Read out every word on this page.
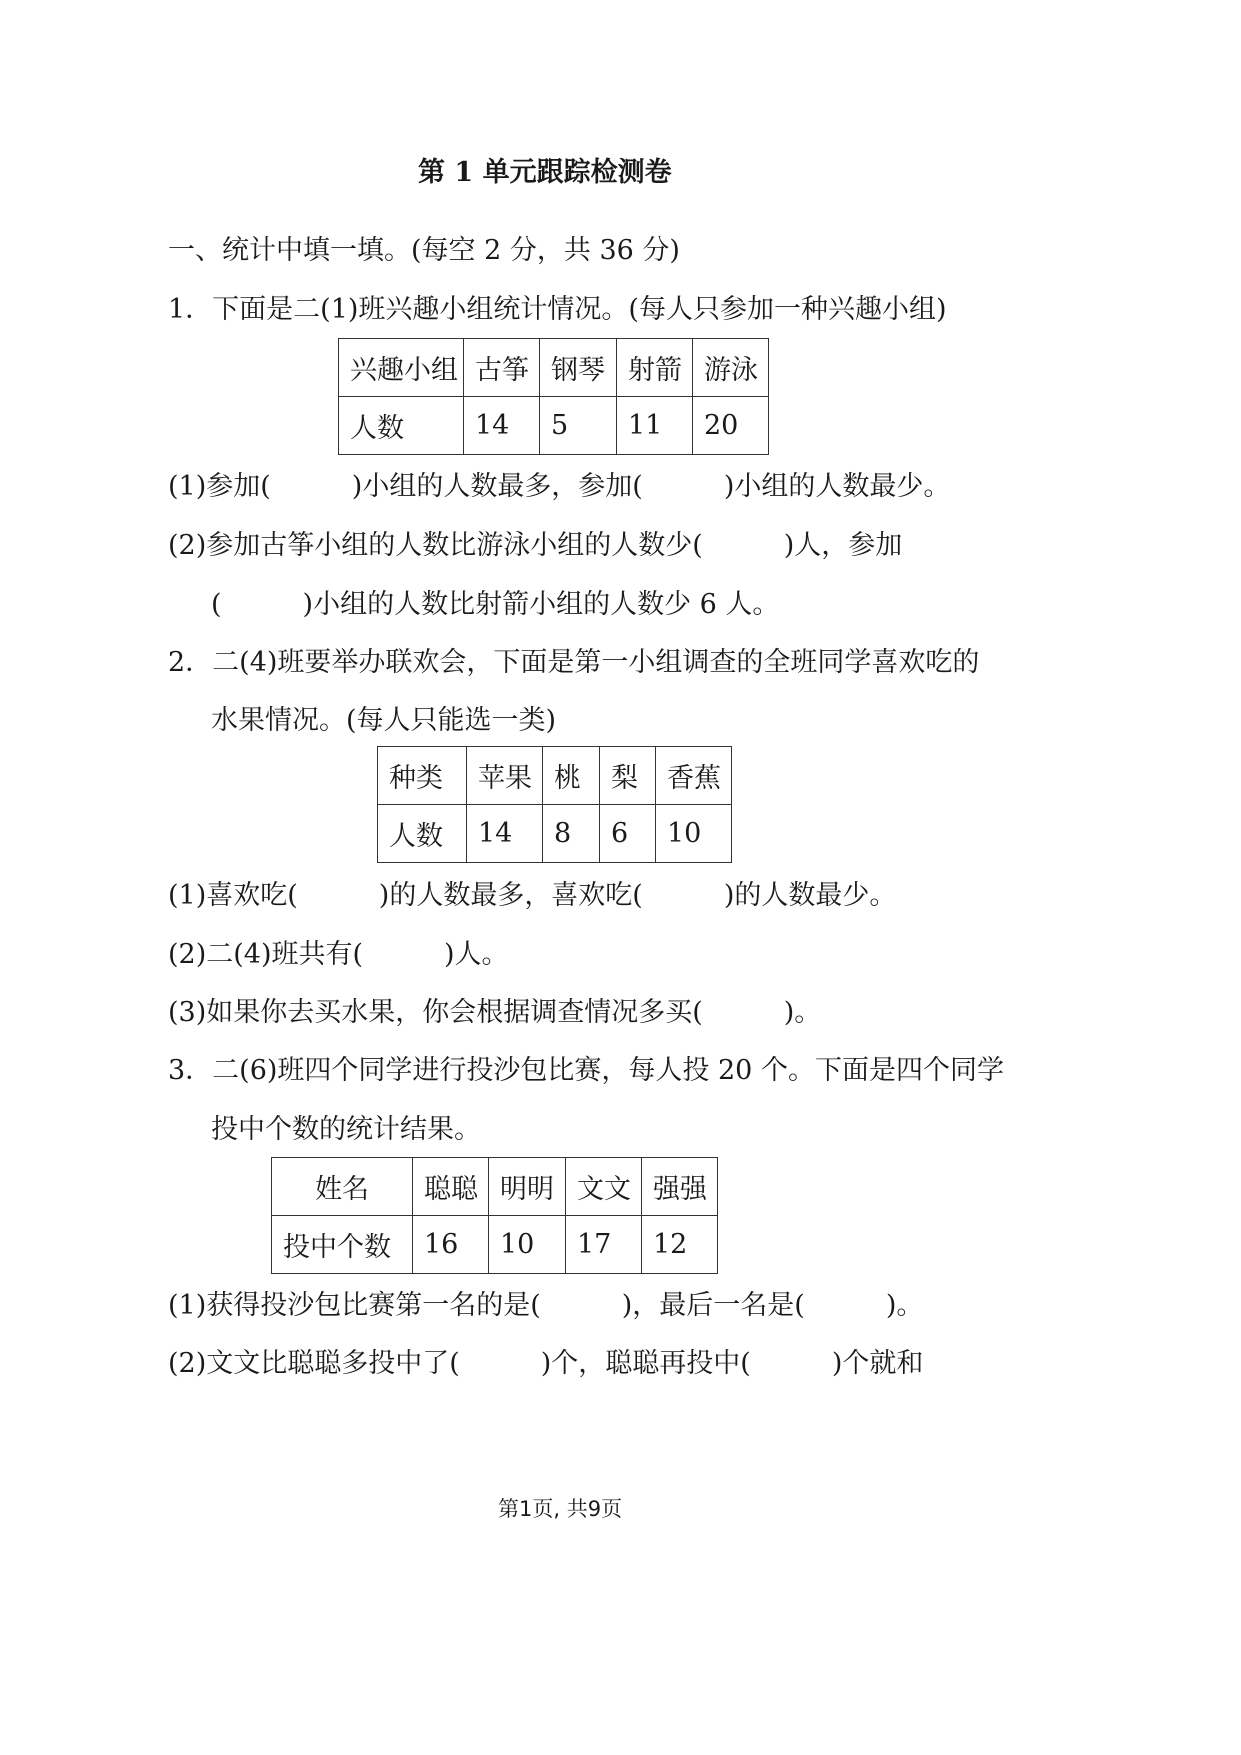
第 1 单元跟踪检测卷
一、统计中填一填。(每空 2 分，共 36 分)
1．下面是二(1)班兴趣小组统计情况。(每人只参加一种兴趣小组)
兴趣小组	古筝	钢琴	射箭	游泳
人数	14	5	11	20
(1)参加(　　　)小组的人数最多，参加(　　　)小组的人数最少。
(2)参加古筝小组的人数比游泳小组的人数少(　　　)人，参加
(　　　)小组的人数比射箭小组的人数少 6 人。
2．二(4)班要举办联欢会，下面是第一小组调查的全班同学喜欢吃的
水果情况。(每人只能选一类)
种类	苹果	桃	梨	香蕉
人数	14	8	6	10
(1)喜欢吃(　　　)的人数最多，喜欢吃(　　　)的人数最少。
(2)二(4)班共有(　　　)人。
(3)如果你去买水果，你会根据调查情况多买(　　　)。
3．二(6)班四个同学进行投沙包比赛，每人投 20 个。下面是四个同学
投中个数的统计结果。
姓名	聪聪	明明	文文	强强
投中个数	16	10	17	12
(1)获得投沙包比赛第一名的是(　　　)，最后一名是(　　　)。
(2)文文比聪聪多投中了(　　　)个，聪聪再投中(　　　)个就和
第1页, 共9页
